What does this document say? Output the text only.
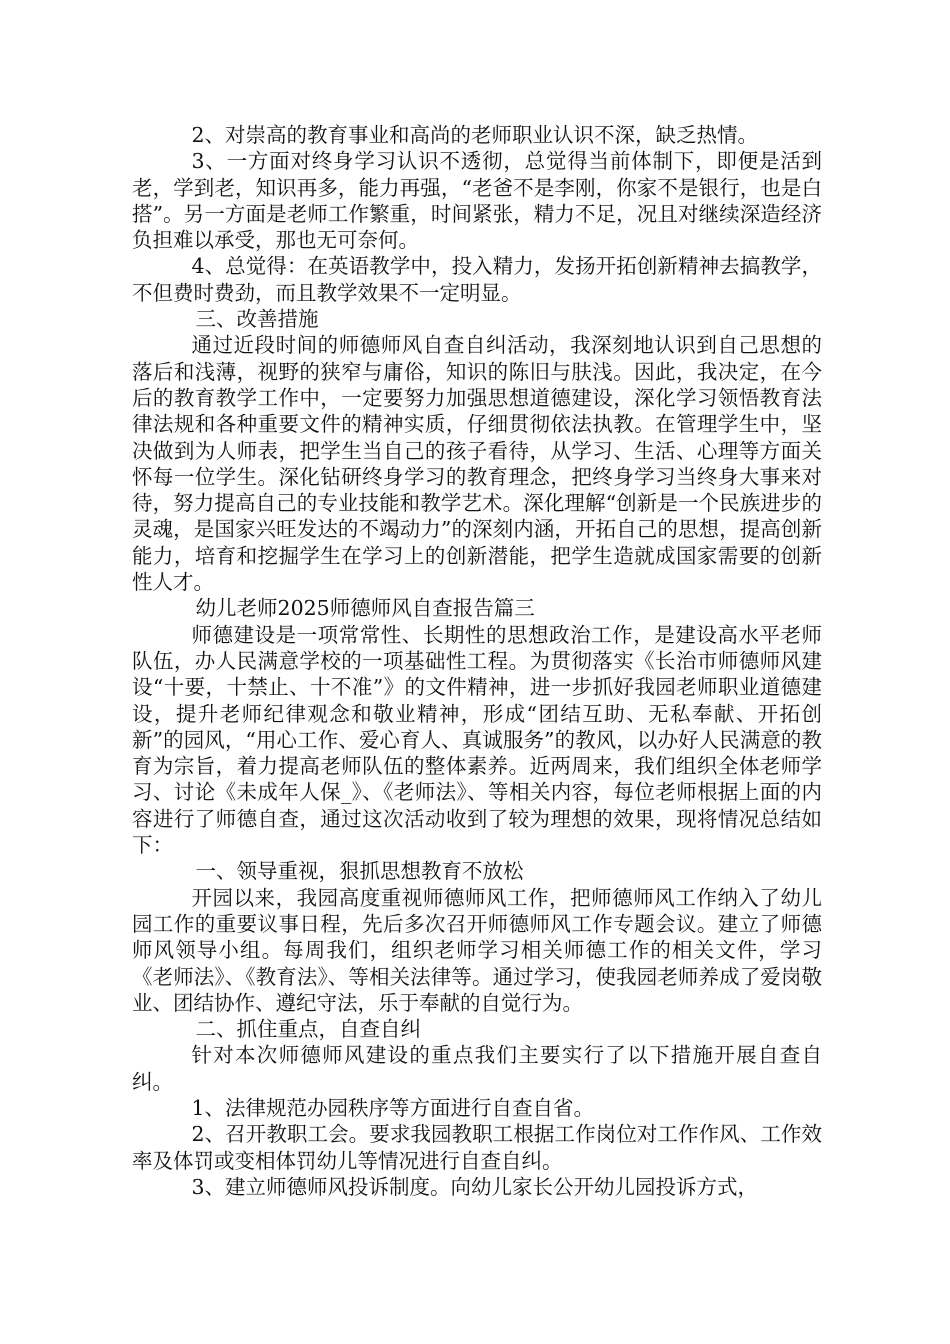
2、对崇高的教育事业和高尚的老师职业认识不深，缺乏热情。

3、一方面对终身学习认识不透彻，总觉得当前体制下，即便是活到老，学到老，知识再多，能力再强，“老爸不是李刚，你家不是银行，也是白搭”。另一方面是老师工作繁重，时间紧张，精力不足，况且对继续深造经济负担难以承受，那也无可奈何。

4、总觉得：在英语教学中，投入精力，发扬开拓创新精神去搞教学，不但费时费劲，而且教学效果不一定明显。

三、改善措施

通过近段时间的师德师风自查自纠活动，我深刻地认识到自己思想的落后和浅薄，视野的狭窄与庸俗，知识的陈旧与肤浅。因此，我决定，在今后的教育教学工作中，一定要努力加强思想道德建设，深化学习领悟教育法律法规和各种重要文件的精神实质，仔细贯彻依法执教。在管理学生中，坚决做到为人师表，把学生当自己的孩子看待，从学习、生活、心理等方面关怀每一位学生。深化钻研终身学习的教育理念，把终身学习当终身大事来对待，努力提高自己的专业技能和教学艺术。深化理解“创新是一个民族进步的灵魂，是国家兴旺发达的不竭动力”的深刻内涵，开拓自己的思想，提高创新能力，培育和挖掘学生在学习上的创新潜能，把学生造就成国家需要的创新性人才。

幼儿老师2025师德师风自查报告篇三

师德建设是一项常常性、长期性的思想政治工作，是建设高水平老师队伍，办人民满意学校的一项基础性工程。为贯彻落实《长治市师德师风建设“十要，十禁止、十不准”》的文件精神，进一步抓好我园老师职业道德建设，提升老师纪律观念和敬业精神，形成“团结互助、无私奉献、开拓创新”的园风，“用心工作、爱心育人、真诚服务”的教风，以办好人民满意的教育为宗旨，着力提高老师队伍的整体素养。近两周来，我们组织全体老师学习、讨论《未成年人保_》、《老师法》、等相关内容，每位老师根据上面的内容进行了师德自查，通过这次活动收到了较为理想的效果，现将情况总结如下：

一、领导重视，狠抓思想教育不放松

开园以来，我园高度重视师德师风工作，把师德师风工作纳入了幼儿园工作的重要议事日程，先后多次召开师德师风工作专题会议。建立了师德师风领导小组。每周我们，组织老师学习相关师德工作的相关文件，学习《老师法》、《教育法》、等相关法律等。通过学习，使我园老师养成了爱岗敬业、团结协作、遵纪守法，乐于奉献的自觉行为。

二、抓住重点，自查自纠

针对本次师德师风建设的重点我们主要实行了以下措施开展自查自纠。

1、法律规范办园秩序等方面进行自查自省。

2、召开教职工会。要求我园教职工根据工作岗位对工作作风、工作效率及体罚或变相体罚幼儿等情况进行自查自纠。

3、建立师德师风投诉制度。向幼儿家长公开幼儿园投诉方式，
